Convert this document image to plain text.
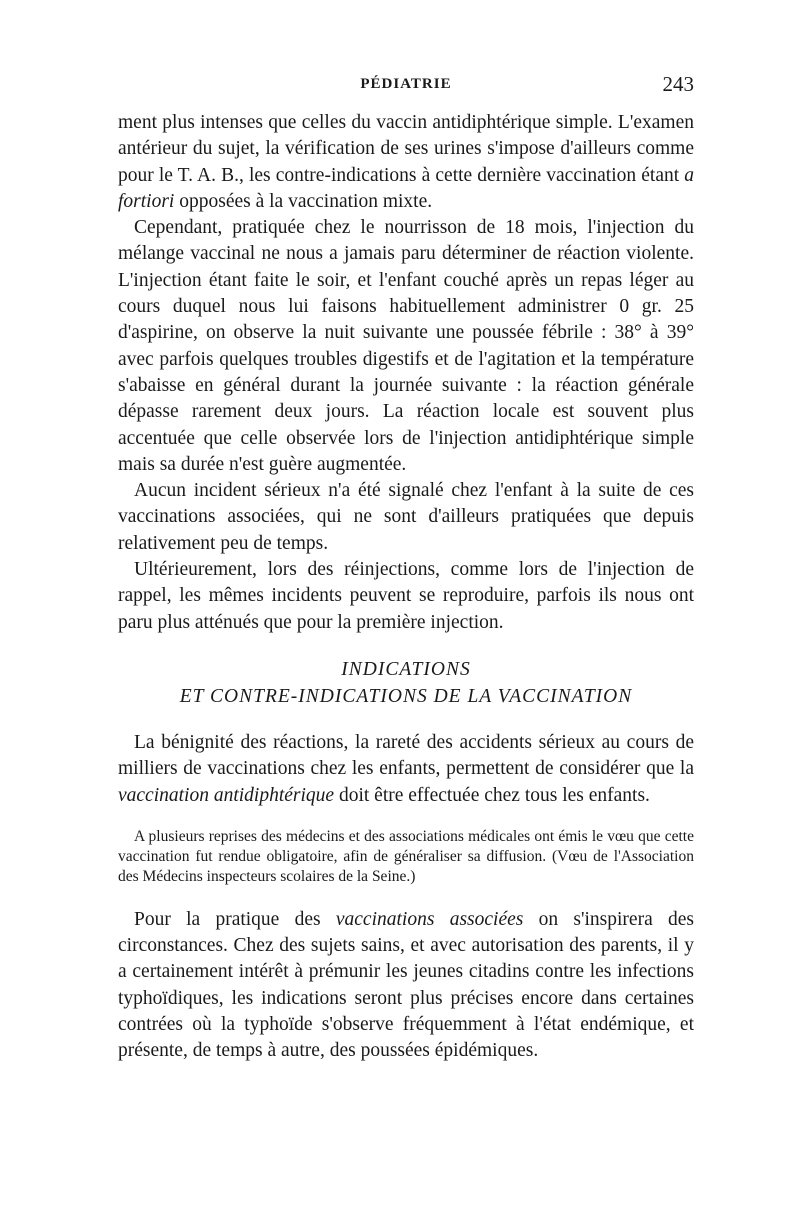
PÉDIATRIE	243

ment plus intenses que celles du vaccin antidiphtérique simple. L'examen antérieur du sujet, la vérification de ses urines s'impose d'ailleurs comme pour le T. A. B., les contre-indications à cette dernière vaccination étant a fortiori opposées à la vaccination mixte.

Cependant, pratiquée chez le nourrisson de 18 mois, l'injection du mélange vaccinal ne nous a jamais paru déterminer de réaction violente. L'injection étant faite le soir, et l'enfant couché après un repas léger au cours duquel nous lui faisons habituellement administrer 0 gr. 25 d'aspirine, on observe la nuit suivante une poussée fébrile : 38° à 39° avec parfois quelques troubles digestifs et de l'agitation et la température s'abaisse en général durant la journée suivante : la réaction générale dépasse rarement deux jours. La réaction locale est souvent plus accentuée que celle observée lors de l'injection antidiphtérique simple mais sa durée n'est guère augmentée.

Aucun incident sérieux n'a été signalé chez l'enfant à la suite de ces vaccinations associées, qui ne sont d'ailleurs pratiquées que depuis relativement peu de temps.

Ultérieurement, lors des réinjections, comme lors de l'injection de rappel, les mêmes incidents peuvent se reproduire, parfois ils nous ont paru plus atténués que pour la première injection.

INDICATIONS
ET CONTRE-INDICATIONS DE LA VACCINATION

La bénignité des réactions, la rareté des accidents sérieux au cours de milliers de vaccinations chez les enfants, permettent de considérer que la vaccination antidiphtérique doit être effectuée chez tous les enfants.

A plusieurs reprises des médecins et des associations médicales ont émis le vœu que cette vaccination fut rendue obligatoire, afin de généraliser sa diffusion. (Vœu de l'Association des Médecins inspecteurs scolaires de la Seine.)

Pour la pratique des vaccinations associées on s'inspirera des circonstances. Chez des sujets sains, et avec autorisation des parents, il y a certainement intérêt à prémunir les jeunes citadins contre les infections typhoïdiques, les indications seront plus précises encore dans certaines contrées où la typhoïde s'observe fréquemment à l'état endémique, et présente, de temps à autre, des poussées épidémiques.
